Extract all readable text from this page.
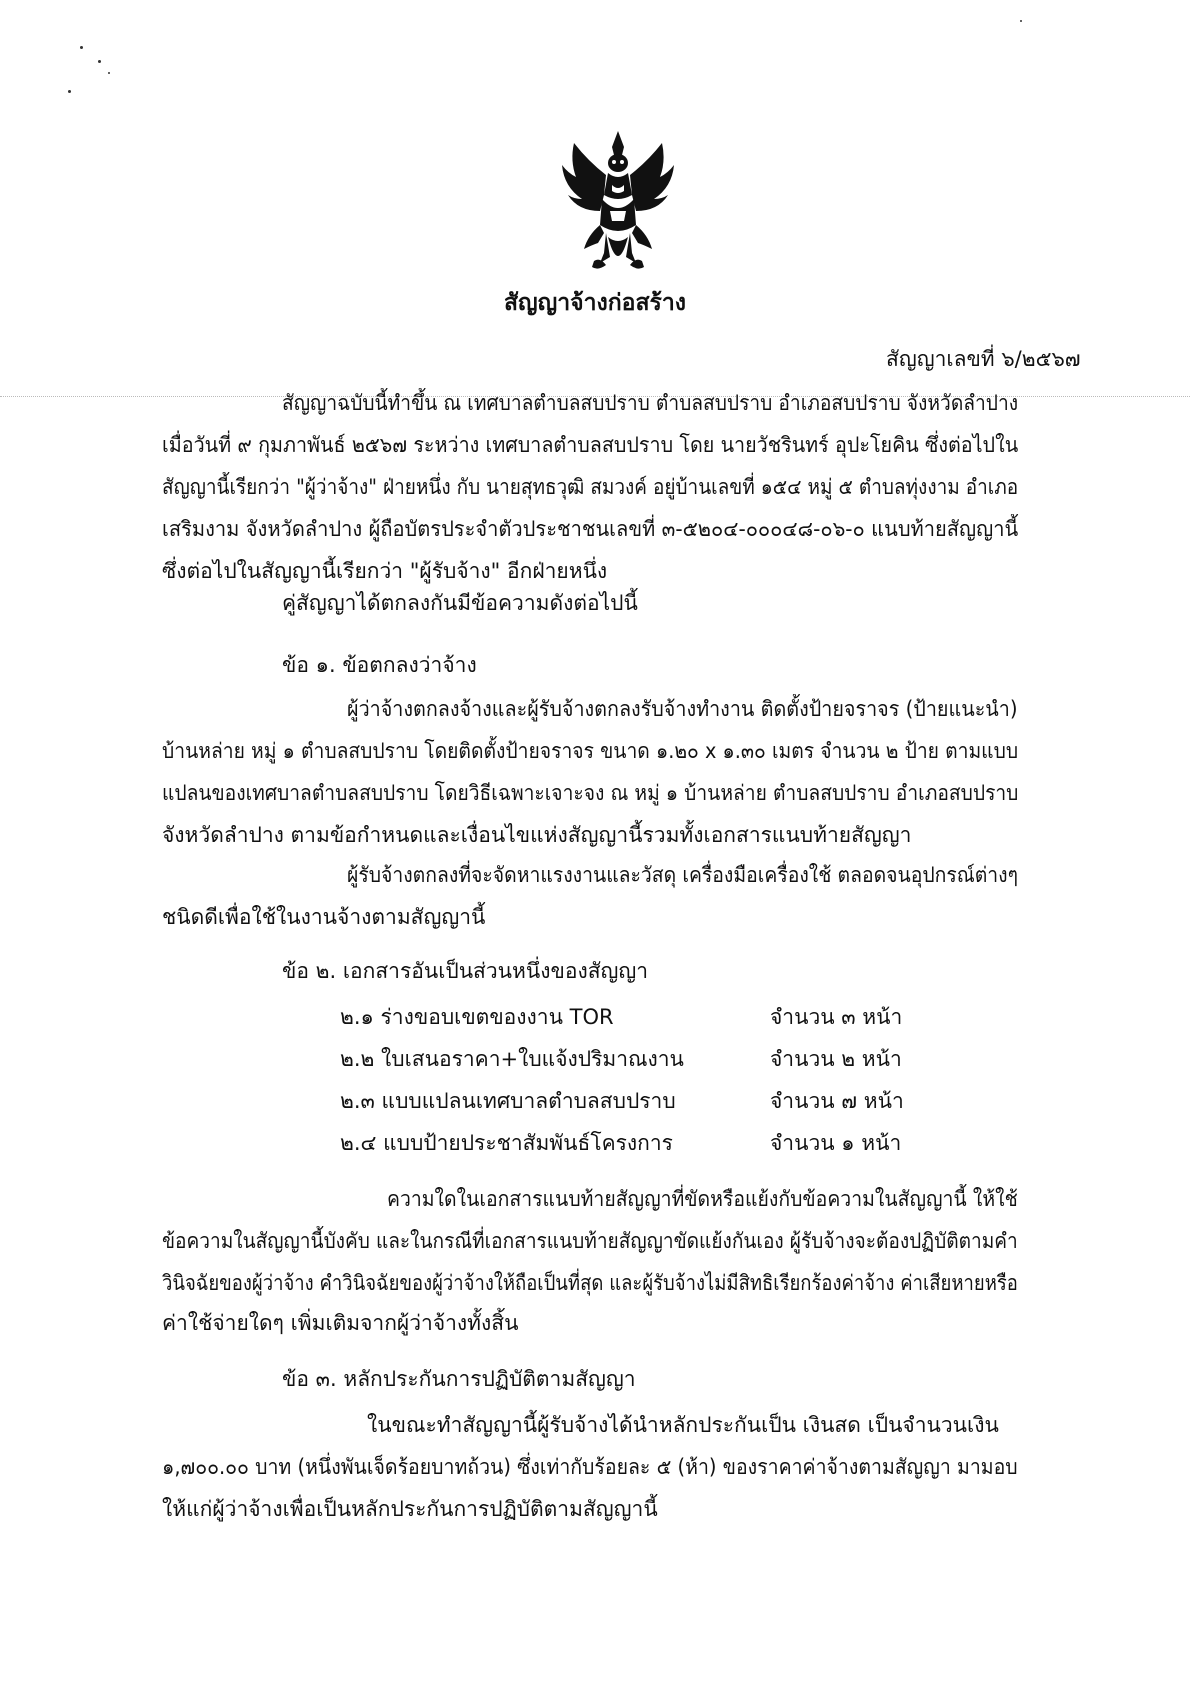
สัญญาจ้างก่อสร้าง
สัญญาเลขที่ ๖/๒๕๖๗
สัญญาฉบับนี้ทำขึ้น ณ เทศบาลตำบลสบปราบ ตำบลสบปราบ อำเภอสบปราบ จังหวัดลำปาง
เมื่อวันที่ ๙ กุมภาพันธ์ ๒๕๖๗ ระหว่าง เทศบาลตำบลสบปราบ โดย นายวัชรินทร์ อุปะโยคิน ซึ่งต่อไปใน
สัญญานี้เรียกว่า "ผู้ว่าจ้าง" ฝ่ายหนึ่ง กับ นายสุทธวุฒิ สมวงค์ อยู่บ้านเลขที่ ๑๕๔ หมู่ ๕ ตำบลทุ่งงาม อำเภอ
เสริมงาม จังหวัดลำปาง ผู้ถือบัตรประจำตัวประชาชนเลขที่ ๓-๕๒๐๔-๐๐๐๔๘-๐๖-๐ แนบท้ายสัญญานี้
ซึ่งต่อไปในสัญญานี้เรียกว่า "ผู้รับจ้าง" อีกฝ่ายหนึ่ง
คู่สัญญาได้ตกลงกันมีข้อความดังต่อไปนี้
ข้อ ๑. ข้อตกลงว่าจ้าง
ผู้ว่าจ้างตกลงจ้างและผู้รับจ้างตกลงรับจ้างทำงาน ติดตั้งป้ายจราจร (ป้ายแนะนำ)
บ้านหล่าย หมู่ ๑ ตำบลสบปราบ โดยติดตั้งป้ายจราจร ขนาด ๑.๒๐ x ๑.๓๐ เมตร จำนวน ๒ ป้าย ตามแบบ
แปลนของเทศบาลตำบลสบปราบ โดยวิธีเฉพาะเจาะจง ณ หมู่ ๑ บ้านหล่าย ตำบลสบปราบ อำเภอสบปราบ
จังหวัดลำปาง ตามข้อกำหนดและเงื่อนไขแห่งสัญญานี้รวมทั้งเอกสารแนบท้ายสัญญา
ผู้รับจ้างตกลงที่จะจัดหาแรงงานและวัสดุ เครื่องมือเครื่องใช้ ตลอดจนอุปกรณ์ต่างๆ
ชนิดดีเพื่อใช้ในงานจ้างตามสัญญานี้
ข้อ ๒. เอกสารอันเป็นส่วนหนึ่งของสัญญา
๒.๑ ร่างขอบเขตของงาน TOR	จำนวน ๓ หน้า
๒.๒ ใบเสนอราคา+ใบแจ้งปริมาณงาน	จำนวน ๒ หน้า
๒.๓ แบบแปลนเทศบาลตำบลสบปราบ	จำนวน ๗ หน้า
๒.๔ แบบป้ายประชาสัมพันธ์โครงการ	จำนวน ๑ หน้า
ความใดในเอกสารแนบท้ายสัญญาที่ขัดหรือแย้งกับข้อความในสัญญานี้ ให้ใช้
ข้อความในสัญญานี้บังคับ และในกรณีที่เอกสารแนบท้ายสัญญาขัดแย้งกันเอง ผู้รับจ้างจะต้องปฏิบัติตามคำ
วินิจฉัยของผู้ว่าจ้าง คำวินิจฉัยของผู้ว่าจ้างให้ถือเป็นที่สุด และผู้รับจ้างไม่มีสิทธิเรียกร้องค่าจ้าง ค่าเสียหายหรือ
ค่าใช้จ่ายใดๆ เพิ่มเติมจากผู้ว่าจ้างทั้งสิ้น
ข้อ ๓. หลักประกันการปฏิบัติตามสัญญา
ในขณะทำสัญญานี้ผู้รับจ้างได้นำหลักประกันเป็น เงินสด เป็นจำนวนเงิน
๑,๗๐๐.๐๐ บาท (หนึ่งพันเจ็ดร้อยบาทถ้วน) ซึ่งเท่ากับร้อยละ ๕ (ห้า) ของราคาค่าจ้างตามสัญญา มามอบ
ให้แก่ผู้ว่าจ้างเพื่อเป็นหลักประกันการปฏิบัติตามสัญญานี้
